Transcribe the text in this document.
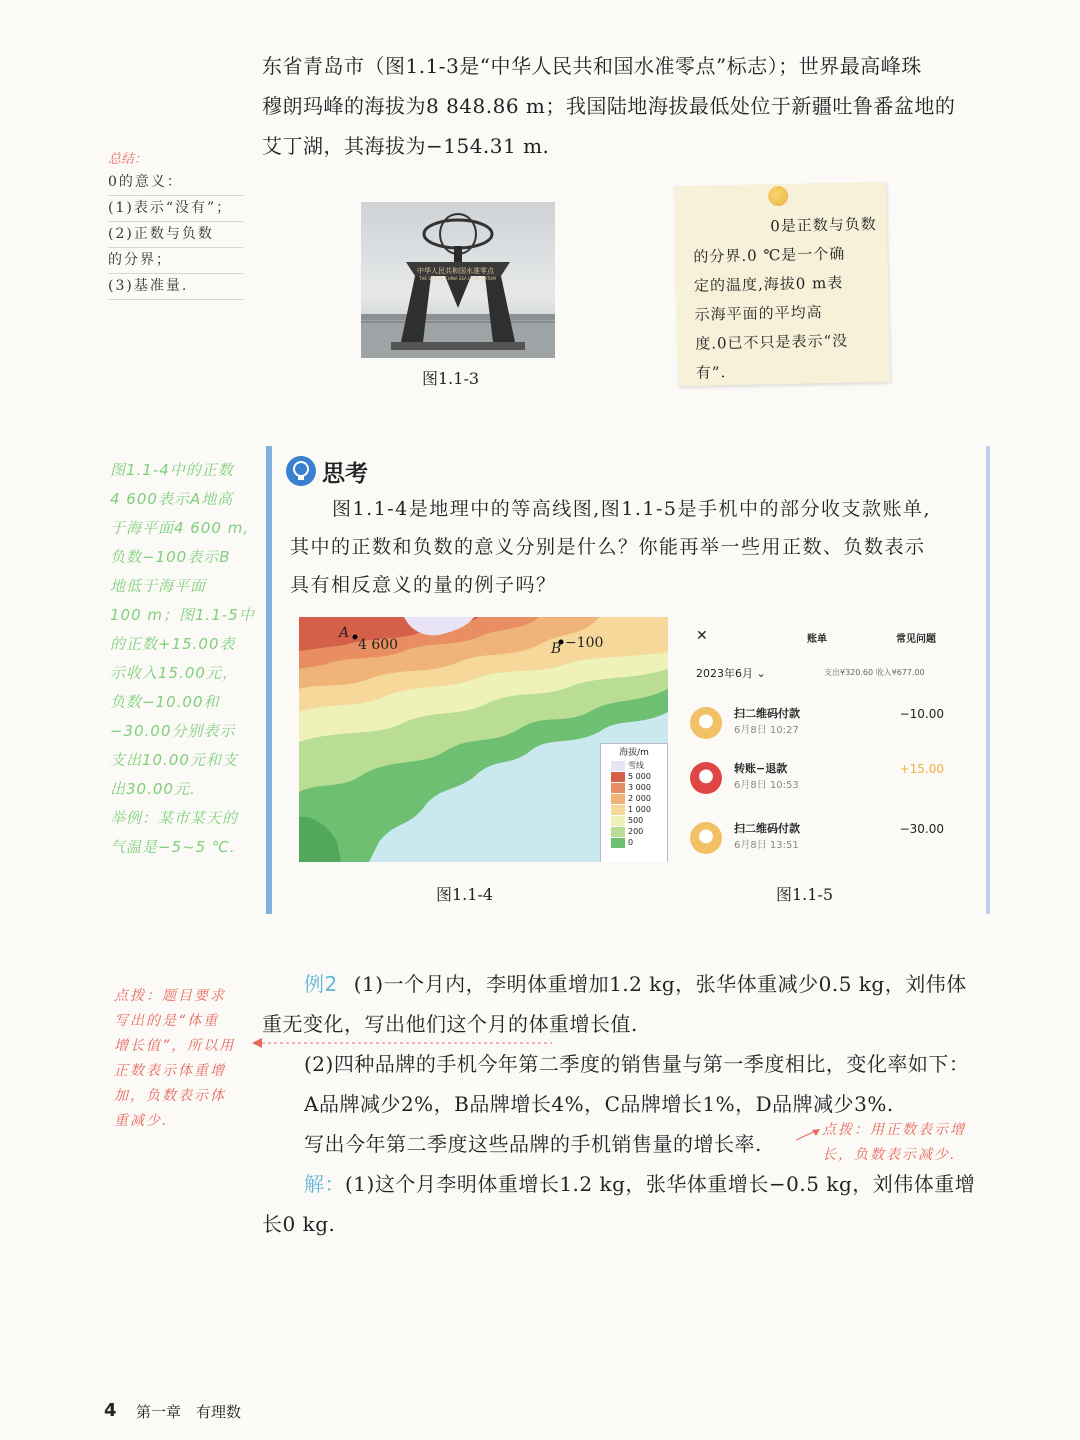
东省青岛市（图1.1-3是“中华人民共和国水准零点”标志）；世界最高峰珠
穆朗玛峰的海拔为8 848.86 m；我国陆地海拔最低处位于新疆吐鲁番盆地的
艾丁湖，其海拔为−154.31 m.
总结：
0的意义：
(1)表示“没有”；
(2)正数与负数
的分界；
(3)基准量.
中华人民共和国水准零点
THE SITE OF CHINA SEA LEVEL DATUM
图1.1-3
0是正数与负数
的分界.0 ℃是一个确
定的温度,海拔0 m表
示海平面的平均高
度.0已不只是表示“没
有”.
图1.1-4中的正数
4 600表示A地高
于海平面4 600 m,
负数−100表示B
地低于海平面
100 m；图1.1-5中
的正数+15.00表
示收入15.00元，
负数−10.00和
−30.00分别表示
支出10.00元和支
出30.00元.
举例：某市某天的
气温是−5~5 ℃.
思考
图1.1-4是地理中的等高线图,图1.1-5是手机中的部分收支款账单,
其中的正数和负数的意义分别是什么？你能再举一些用正数、负数表示
具有相反意义的量的例子吗？
A
4 600	B −100
海拔/m
雪线
5 000
3 000
2 000
1 000
500
200
0
图1.1-4
✕	账单	常见问题
2023年6月 ⌄	支出¥320.60 收入¥677.00
扫二维码付款
6月8日 10:27
−10.00
转账−退款
6月8日 10:53
+15.00
扫二维码付款
6月8日 13:51
−30.00
图1.1-5
点拨：题目要求
写出的是“体重
增长值”，所以用
正数表示体重增
加，负数表示体
重减少.
例2 (1)一个月内，李明体重增加1.2 kg，张华体重减少0.5 kg，刘伟体
重无变化，写出他们这个月的体重增长值.
(2)四种品牌的手机今年第二季度的销售量与第一季度相比，变化率如下：
A品牌减少2%，B品牌增长4%，C品牌增长1%，D品牌减少3%.
写出今年第二季度这些品牌的手机销售量的增长率.
解：(1)这个月李明体重增长1.2 kg，张华体重增长−0.5 kg，刘伟体重增
长0 kg.
点拨：用正数表示增
长，负数表示减少.
4 第一章　有理数
